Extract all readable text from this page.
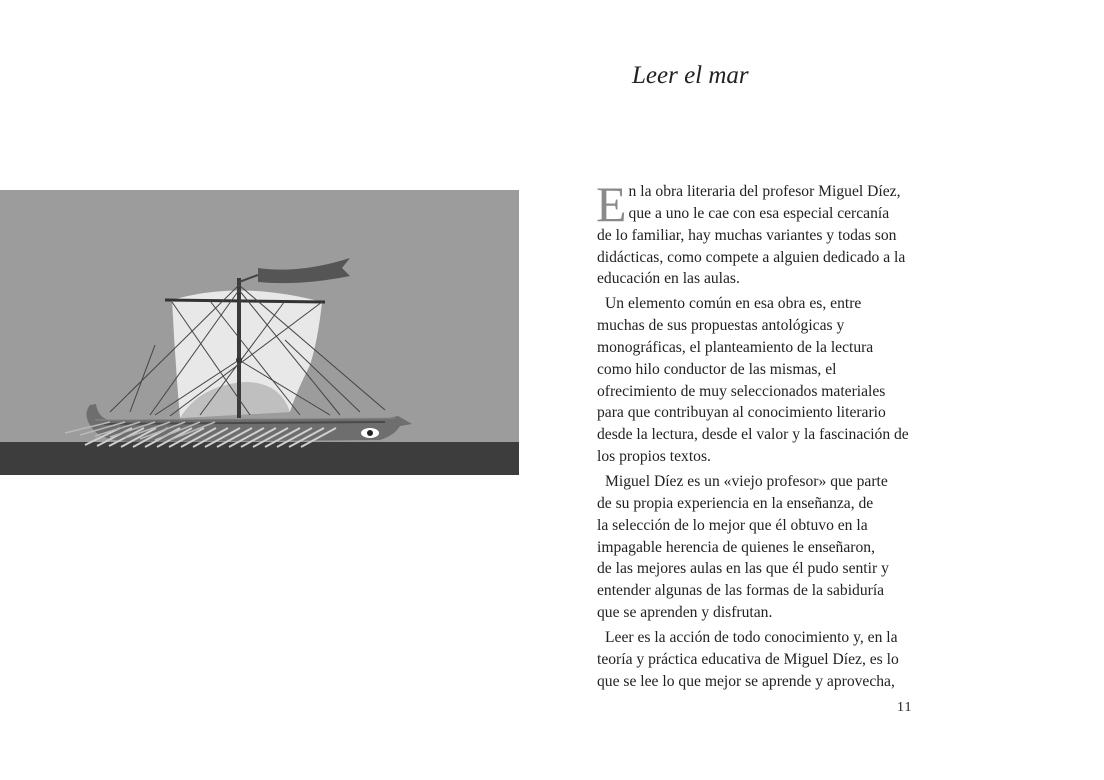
Leer el mar

E n la obra literaria del profesor Miguel Díez,
que a uno le cae con esa especial cercanía
de lo familiar, hay muchas variantes y todas son
didácticas, como compete a alguien dedicado a la
educación en las aulas.

Un elemento común en esa obra es, entre
muchas de sus propuestas antológicas y
monográficas, el planteamiento de la lectura
como hilo conductor de las mismas, el
ofrecimiento de muy seleccionados materiales
para que contribuyan al conocimiento literario
desde la lectura, desde el valor y la fascinación de
los propios textos.

Miguel Díez es un «viejo profesor» que parte
de su propia experiencia en la enseñanza, de
la selección de lo mejor que él obtuvo en la
impagable herencia de quienes le enseñaron,
de las mejores aulas en las que él pudo sentir y
entender algunas de las formas de la sabiduría
que se aprenden y disfrutan.

Leer es la acción de todo conocimiento y, en la
teoría y práctica educativa de Miguel Díez, es lo
que se lee lo que mejor se aprende y aprovecha,

11
